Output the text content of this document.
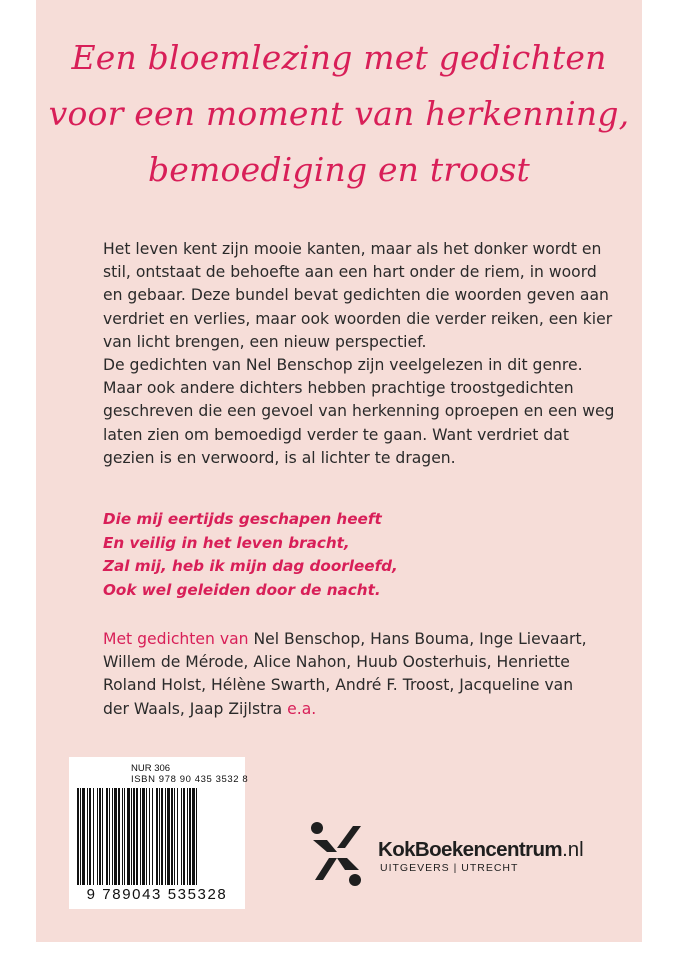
Een bloemlezing met gedichten
voor een moment van herkenning,
bemoediging en troost
Het leven kent zijn mooie kanten, maar als het donker wordt en
stil, ontstaat de behoefte aan een hart onder de riem, in woord
en gebaar. Deze bundel bevat gedichten die woorden geven aan
verdriet en verlies, maar ook woorden die verder reiken, een kier
van licht brengen, een nieuw perspectief.
De gedichten van Nel Benschop zijn veelgelezen in dit genre.
Maar ook andere dichters hebben prachtige troostgedichten
geschreven die een gevoel van herkenning oproepen en een weg
laten zien om bemoedigd verder te gaan. Want verdriet dat
gezien is en verwoord, is al lichter te dragen.
Die mij eertijds geschapen heeft
En veilig in het leven bracht,
Zal mij, heb ik mijn dag doorleefd,
Ook wel geleiden door de nacht.
Met gedichten van Nel Benschop, Hans Bouma, Inge Lievaart,
Willem de Mérode, Alice Nahon, Huub Oosterhuis, Henriette
Roland Holst, Hélène Swarth, André F. Troost, Jacqueline van
der Waals, Jaap Zijlstra e.a.
NUR 306
ISBN 978 90 435 3532 8
9 789043 535328
KokBoekencentrum.nl
UITGEVERS | UTRECHT
